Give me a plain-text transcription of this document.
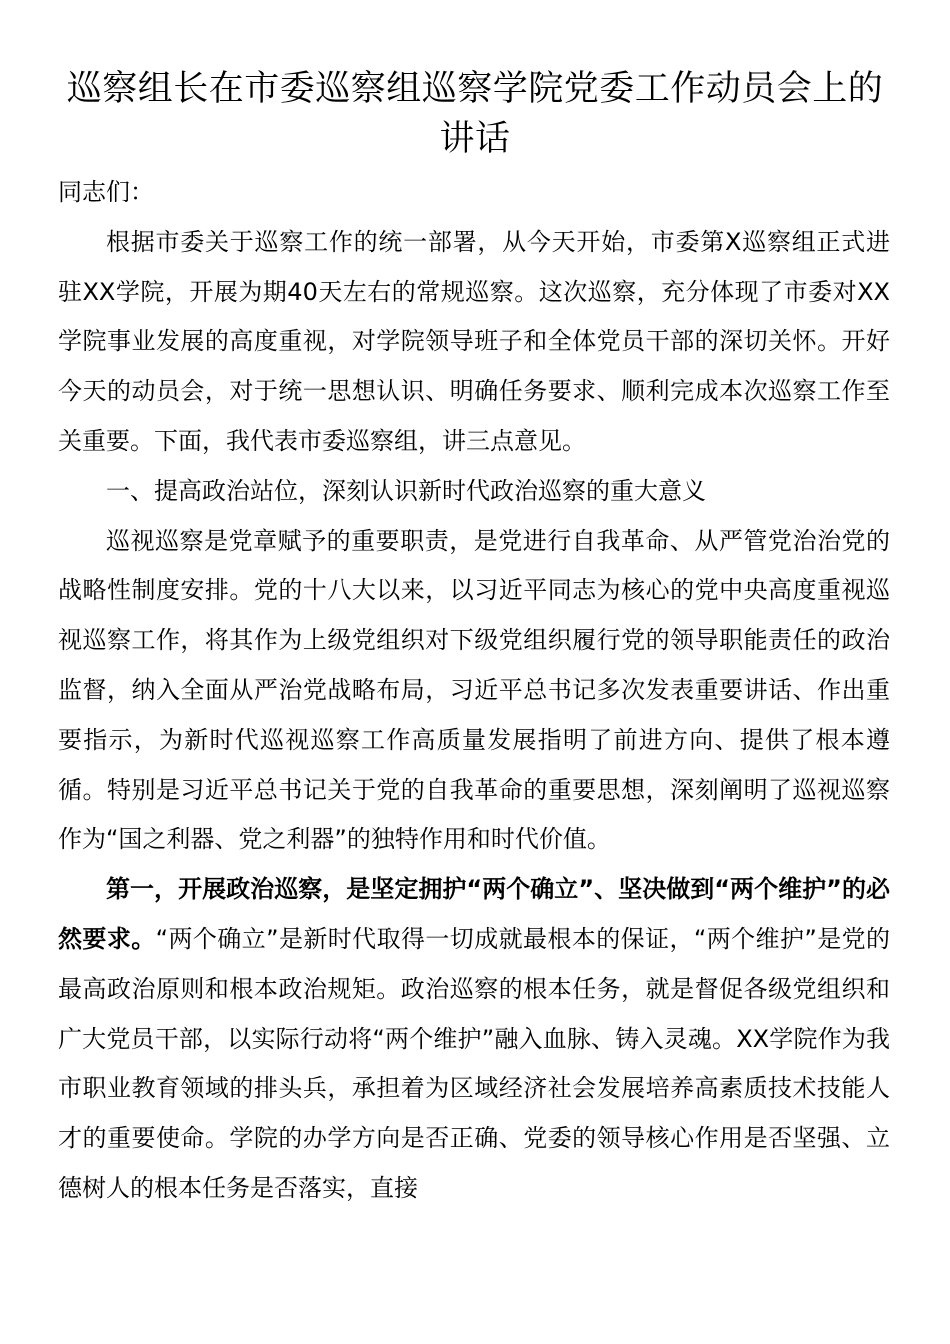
巡察组长在市委巡察组巡察学院党委工作动员会上的讲话

同志们：

根据市委关于巡察工作的统一部署，从今天开始，市委第X巡察组正式进驻XX学院，开展为期40天左右的常规巡察。这次巡察，充分体现了市委对XX学院事业发展的高度重视，对学院领导班子和全体党员干部的深切关怀。开好今天的动员会，对于统一思想认识、明确任务要求、顺利完成本次巡察工作至关重要。下面，我代表市委巡察组，讲三点意见。

一、提高政治站位，深刻认识新时代政治巡察的重大意义

巡视巡察是党章赋予的重要职责，是党进行自我革命、从严管党治治党的战略性制度安排。党的十八大以来，以习近平同志为核心的党中央高度重视巡视巡察工作，将其作为上级党组织对下级党组织履行党的领导职能责任的政治监督，纳入全面从严治党战略布局，习近平总书记多次发表重要讲话、作出重要指示，为新时代巡视巡察工作高质量发展指明了前进方向、提供了根本遵循。特别是习近平总书记关于党的自我革命的重要思想，深刻阐明了巡视巡察作为“国之利器、党之利器”的独特作用和时代价值。

第一，开展政治巡察，是坚定拥护“两个确立”、坚决做到“两个维护”的必然要求。“两个确立”是新时代取得一切成就最根本的保证，“两个维护”是党的最高政治原则和根本政治规矩。政治巡察的根本任务，就是督促各级党组织和广大党员干部，以实际行动将“两个维护”融入血脉、铸入灵魂。XX学院作为我市职业教育领域的排头兵，承担着为区域经济社会发展培养高素质技术技能人才的重要使命。学院的办学方向是否正确、党委的领导核心作用是否坚强、立德树人的根本任务是否落实，直接
